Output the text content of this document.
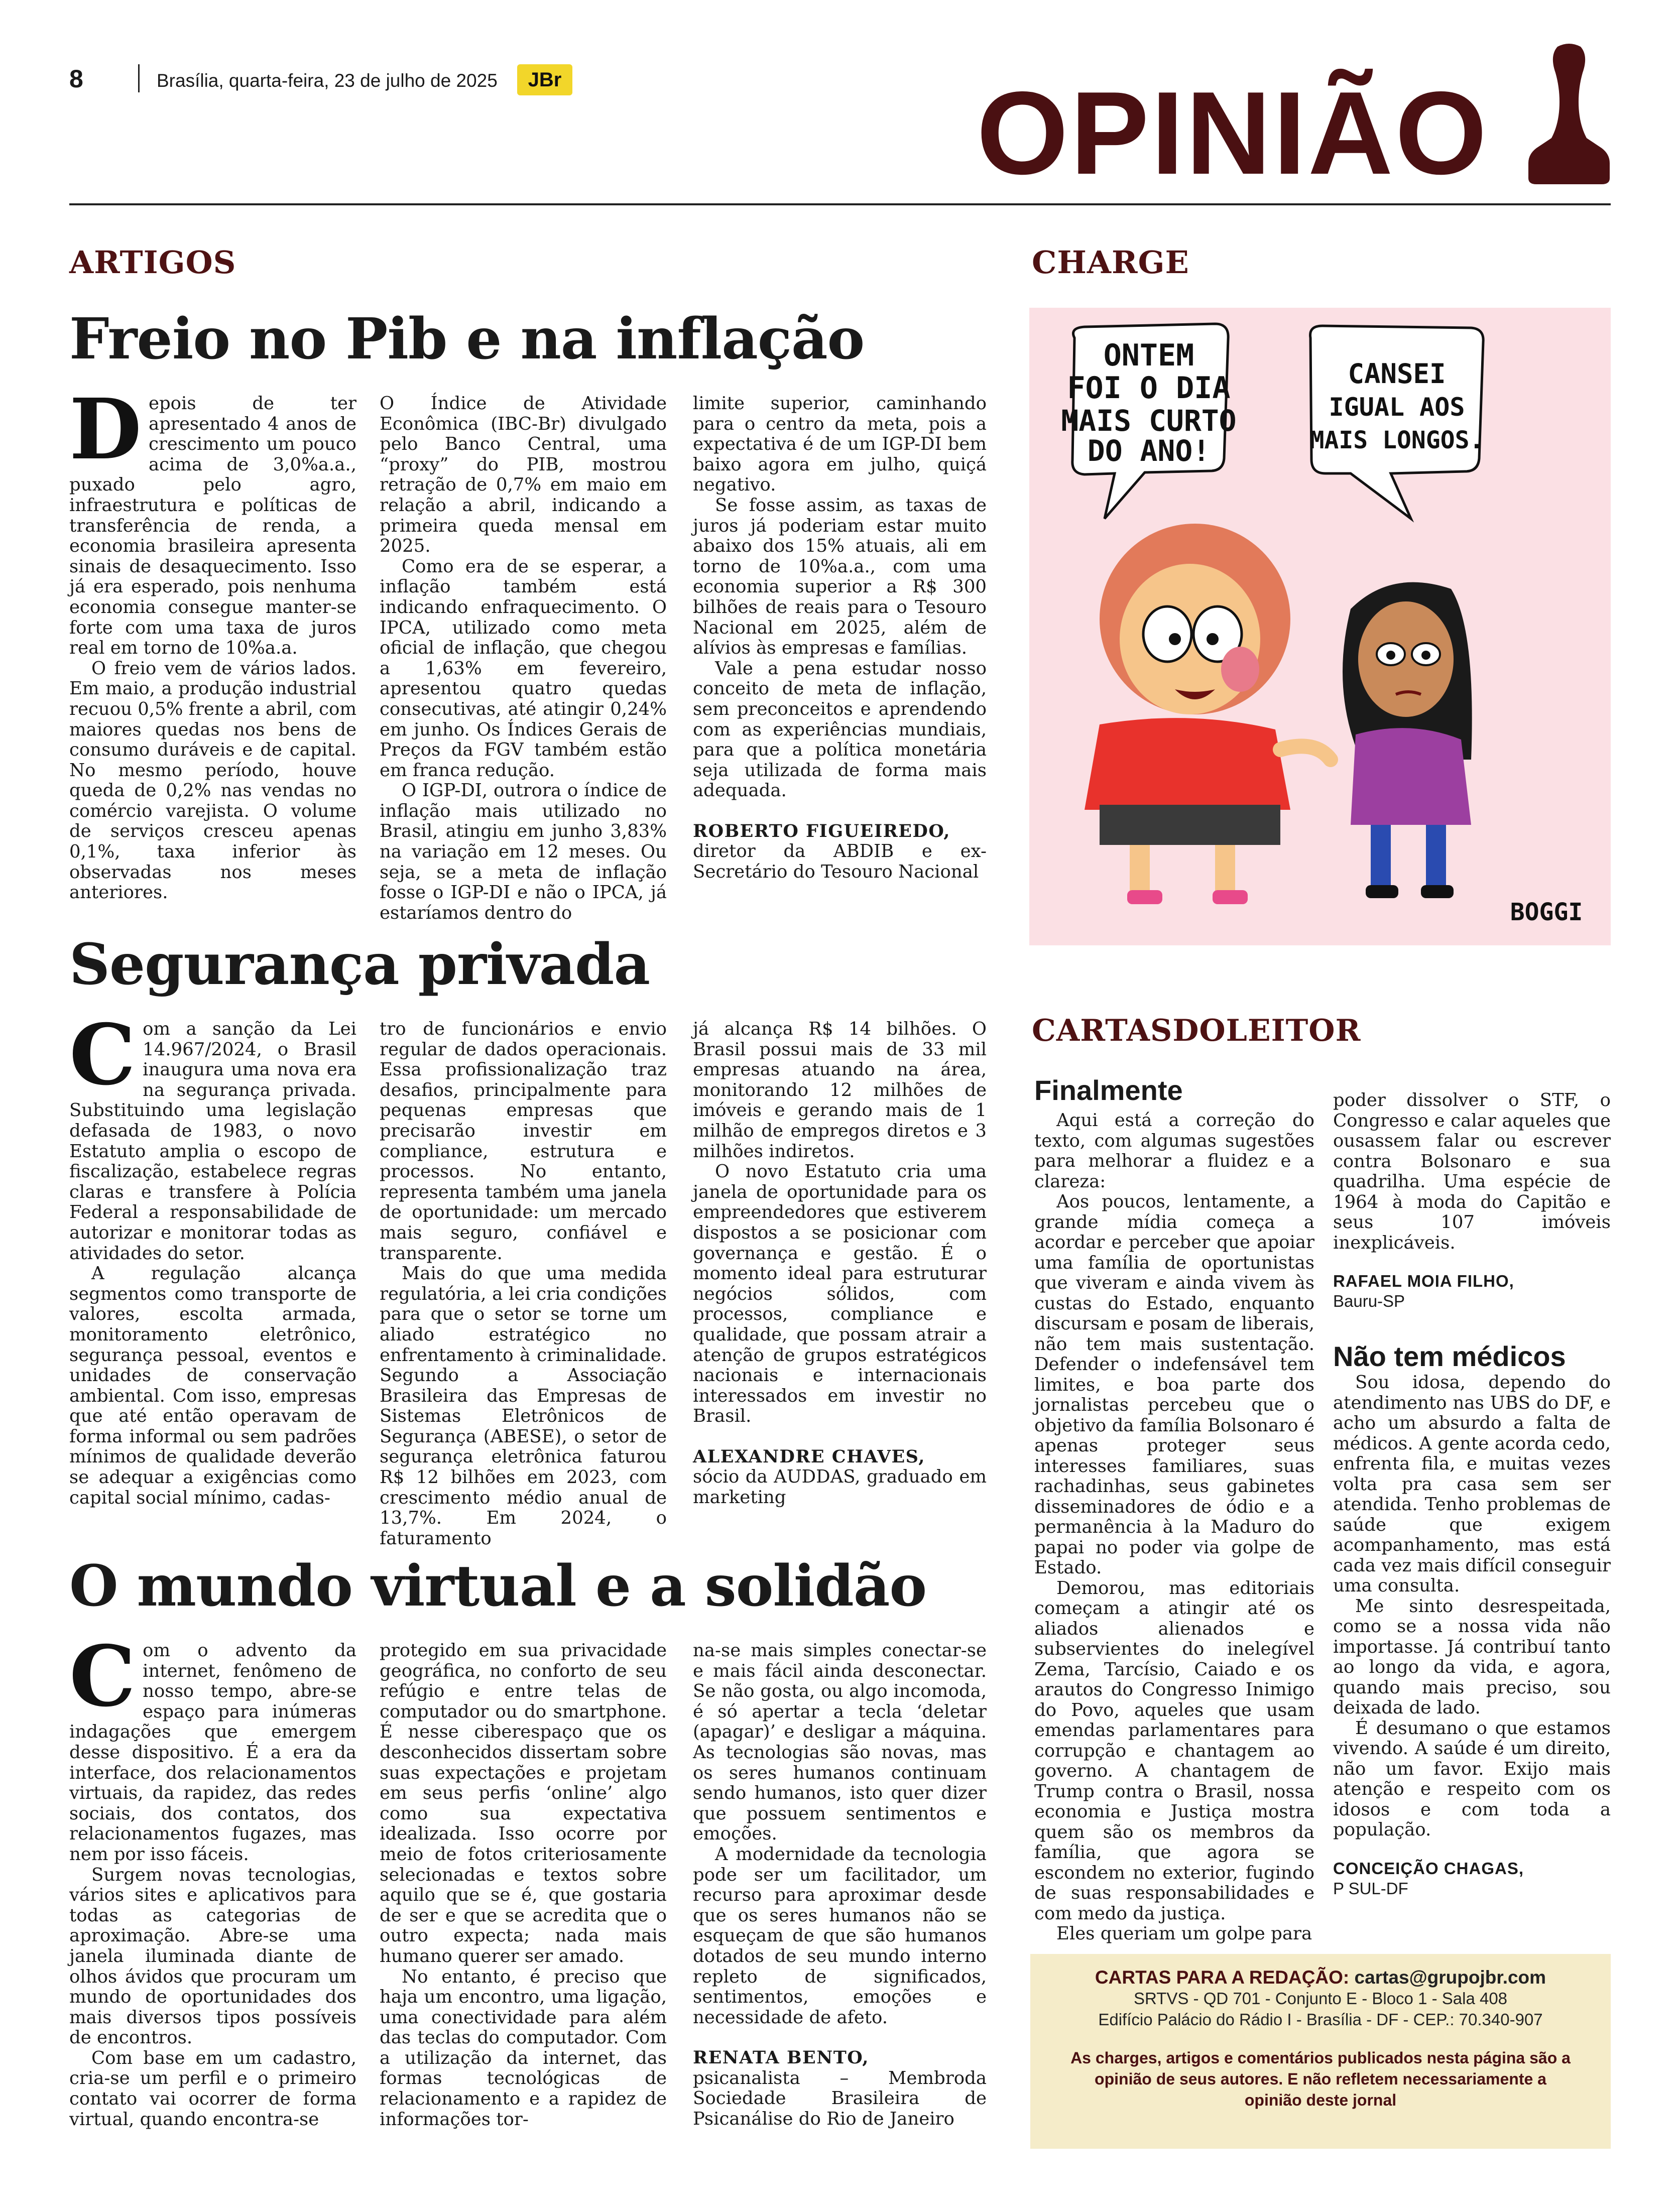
8	Brasília, quarta-feira, 23 de julho de 2025	JBr	OPINIÃO
ARTIGOS
Freio no Pib e na inflação

Depois de ter apresentado 4 anos de crescimento um pouco acima de 3,0%a.a., puxado pelo agro, infraestrutura e políticas de transferência de renda, a economia brasileira apresenta sinais de desaquecimento. Isso já era esperado, pois nenhuma economia consegue manter-se forte com uma taxa de juros real em torno de 10%a.a.

O freio vem de vários lados. Em maio, a produção industrial recuou 0,5% frente a abril, com maiores quedas nos bens de consumo duráveis e de capital. No mesmo período, houve queda de 0,2% nas vendas no comércio varejista. O volume de serviços cresceu apenas 0,1%, taxa inferior às observadas nos meses anteriores.

O Índice de Atividade Econômica (IBC-Br) divulgado pelo Banco Central, uma “proxy” do PIB, mostrou retração de 0,7% em maio em relação a abril, indicando a primeira queda mensal em 2025.

Como era de se esperar, a inflação também está indicando enfraquecimento. O IPCA, utilizado como meta oficial de inflação, que chegou a 1,63% em fevereiro, apresentou quatro quedas consecutivas, até atingir 0,24% em junho. Os Índices Gerais de Preços da FGV também estão em franca redução.

O IGP-DI, outrora o índice de inflação mais utilizado no Brasil, atingiu em junho 3,83% na variação em 12 meses. Ou seja, se a meta de inflação fosse o IGP-DI e não o IPCA, já estaríamos dentro do

limite superior, caminhando para o centro da meta, pois a expectativa é de um IGP-DI bem baixo agora em julho, quiçá negativo.

Se fosse assim, as taxas de juros já poderiam estar muito abaixo dos 15% atuais, ali em torno de 10%a.a., com uma economia superior a R$ 300 bilhões de reais para o Tesouro Nacional em 2025, além de alívios às empresas e famílias.

Vale a pena estudar nosso conceito de meta de inflação, sem preconceitos e aprendendo com as experiências mundiais, para que a política monetária seja utilizada de forma mais adequada.

ROBERTO FIGUEIREDO,
diretor da ABDIB e ex-Secretário do Tesouro Nacional
Segurança privada

Com a sanção da Lei 14.967/2024, o Brasil inaugura uma nova era na segurança privada. Substituindo uma legislação defasada de 1983, o novo Estatuto amplia o escopo de fiscalização, estabelece regras claras e transfere à Polícia Federal a responsabilidade de autorizar e monitorar todas as atividades do setor.

A regulação alcança segmentos como transporte de valores, escolta armada, monitoramento eletrônico, segurança pessoal, eventos e unidades de conservação ambiental. Com isso, empresas que até então operavam de forma informal ou sem padrões mínimos de qualidade deverão se adequar a exigências como capital social mínimo, cadas-

tro de funcionários e envio regular de dados operacionais. Essa profissionalização traz desafios, principalmente para pequenas empresas que precisarão investir em compliance, estrutura e processos. No entanto, representa também uma janela de oportunidade: um mercado mais seguro, confiável e transparente.

Mais do que uma medida regulatória, a lei cria condições para que o setor se torne um aliado estratégico no enfrentamento à criminalidade. Segundo a Associação Brasileira das Empresas de Sistemas Eletrônicos de Segurança (ABESE), o setor de segurança eletrônica faturou R$ 12 bilhões em 2023, com crescimento médio anual de 13,7%. Em 2024, o faturamento

já alcança R$ 14 bilhões. O Brasil possui mais de 33 mil empresas atuando na área, monitorando 12 milhões de imóveis e gerando mais de 1 milhão de empregos diretos e 3 milhões indiretos.

O novo Estatuto cria uma janela de oportunidade para os empreendedores que estiverem dispostos a se posicionar com governança e gestão. É o momento ideal para estruturar negócios sólidos, com processos, compliance e qualidade, que possam atrair a atenção de grupos estratégicos nacionais e internacionais interessados em investir no Brasil.

ALEXANDRE CHAVES,
sócio da AUDDAS, graduado em marketing
O mundo virtual e a solidão

Com o advento da internet, fenômeno de nosso tempo, abre-se espaço para inúmeras indagações que emergem desse dispositivo. É a era da interface, dos relacionamentos virtuais, da rapidez, das redes sociais, dos contatos, dos relacionamentos fugazes, mas nem por isso fáceis.

Surgem novas tecnologias, vários sites e aplicativos para todas as categorias de aproximação. Abre-se uma janela iluminada diante de olhos ávidos que procuram um mundo de oportunidades dos mais diversos tipos possíveis de encontros.

Com base em um cadastro, cria-se um perfil e o primeiro contato vai ocorrer de forma virtual, quando encontra-se

protegido em sua privacidade geográfica, no conforto de seu refúgio e entre telas de computador ou do smartphone. É nesse ciberespaço que os desconhecidos dissertam sobre suas expectações e projetam em seus perfis ‘online’ algo como sua expectativa idealizada. Isso ocorre por meio de fotos criteriosamente selecionadas e textos sobre aquilo que se é, que gostaria de ser e que se acredita que o outro expecta; nada mais humano querer ser amado.

No entanto, é preciso que haja um encontro, uma ligação, uma conectividade para além das teclas do computador. Com a utilização da internet, das formas tecnológicas de relacionamento e a rapidez de informações tor-

na-se mais simples conectar-se e mais fácil ainda desconectar. Se não gosta, ou algo incomoda, é só apertar a tecla ‘deletar (apagar)’ e desligar a máquina. As tecnologias são novas, mas os seres humanos continuam sendo humanos, isto quer dizer que possuem sentimentos e emoções.

A modernidade da tecnologia pode ser um facilitador, um recurso para aproximar desde que os seres humanos não se esqueçam de que são humanos dotados de seu mundo interno repleto de significados, sentimentos, emoções e necessidade de afeto.

RENATA BENTO,
psicanalista – Membroda Sociedade Brasileira de Psicanálise do Rio de Janeiro
CHARGE
ONTEM
FOI O DIA
MAIS CURTO
DO ANO!
CANSEI
IGUAL AOS
MAIS LONGOS.
BOGGI
CARTASDOLEITOR
Finalmente

Aqui está a correção do texto, com algumas sugestões para melhorar a fluidez e a clareza:

Aos poucos, lentamente, a grande mídia começa a acordar e perceber que apoiar uma família de oportunistas que viveram e ainda vivem às custas do Estado, enquanto discursam e posam de liberais, não tem mais sustentação. Defender o indefensável tem limites, e boa parte dos jornalistas percebeu que o objetivo da família Bolsonaro é apenas proteger seus interesses familiares, suas rachadinhas, seus gabinetes disseminadores de ódio e a permanência à la Maduro do papai no poder via golpe de Estado.

Demorou, mas editoriais começam a atingir até os aliados alienados e subservientes do inelegível Zema, Tarcísio, Caiado e os arautos do Congresso Inimigo do Povo, aqueles que usam emendas parlamentares para corrupção e chantagem ao governo. A chantagem de Trump contra o Brasil, nossa economia e Justiça mostra quem são os membros da família, que agora se escondem no exterior, fugindo de suas responsabilidades e com medo da justiça.

Eles queriam um golpe para

poder dissolver o STF, o Congresso e calar aqueles que ousassem falar ou escrever contra Bolsonaro e sua quadrilha. Uma espécie de 1964 à moda do Capitão e seus 107 imóveis inexplicáveis.

RAFAEL MOIA FILHO,
Bauru-SP
Não tem médicos

Sou idosa, dependo do atendimento nas UBS do DF, e acho um absurdo a falta de médicos. A gente acorda cedo, enfrenta fila, e muitas vezes volta pra casa sem ser atendida. Tenho problemas de saúde que exigem acompanhamento, mas está cada vez mais difícil conseguir uma consulta.

Me sinto desrespeitada, como se a nossa vida não importasse. Já contribuí tanto ao longo da vida, e agora, quando mais preciso, sou deixada de lado.

É desumano o que estamos vivendo. A saúde é um direito, não um favor. Exijo mais atenção e respeito com os idosos e com toda a população.

CONCEIÇÃO CHAGAS,
P SUL-DF
CARTAS PARA A REDAÇÃO: cartas@grupojbr.com
SRTVS - QD 701 - Conjunto E - Bloco 1 - Sala 408
Edifício Palácio do Rádio I - Brasília - DF - CEP.: 70.340-907
As charges, artigos e comentários publicados nesta página são a opinião de seus autores. E não refletem necessariamente a opinião deste jornal
